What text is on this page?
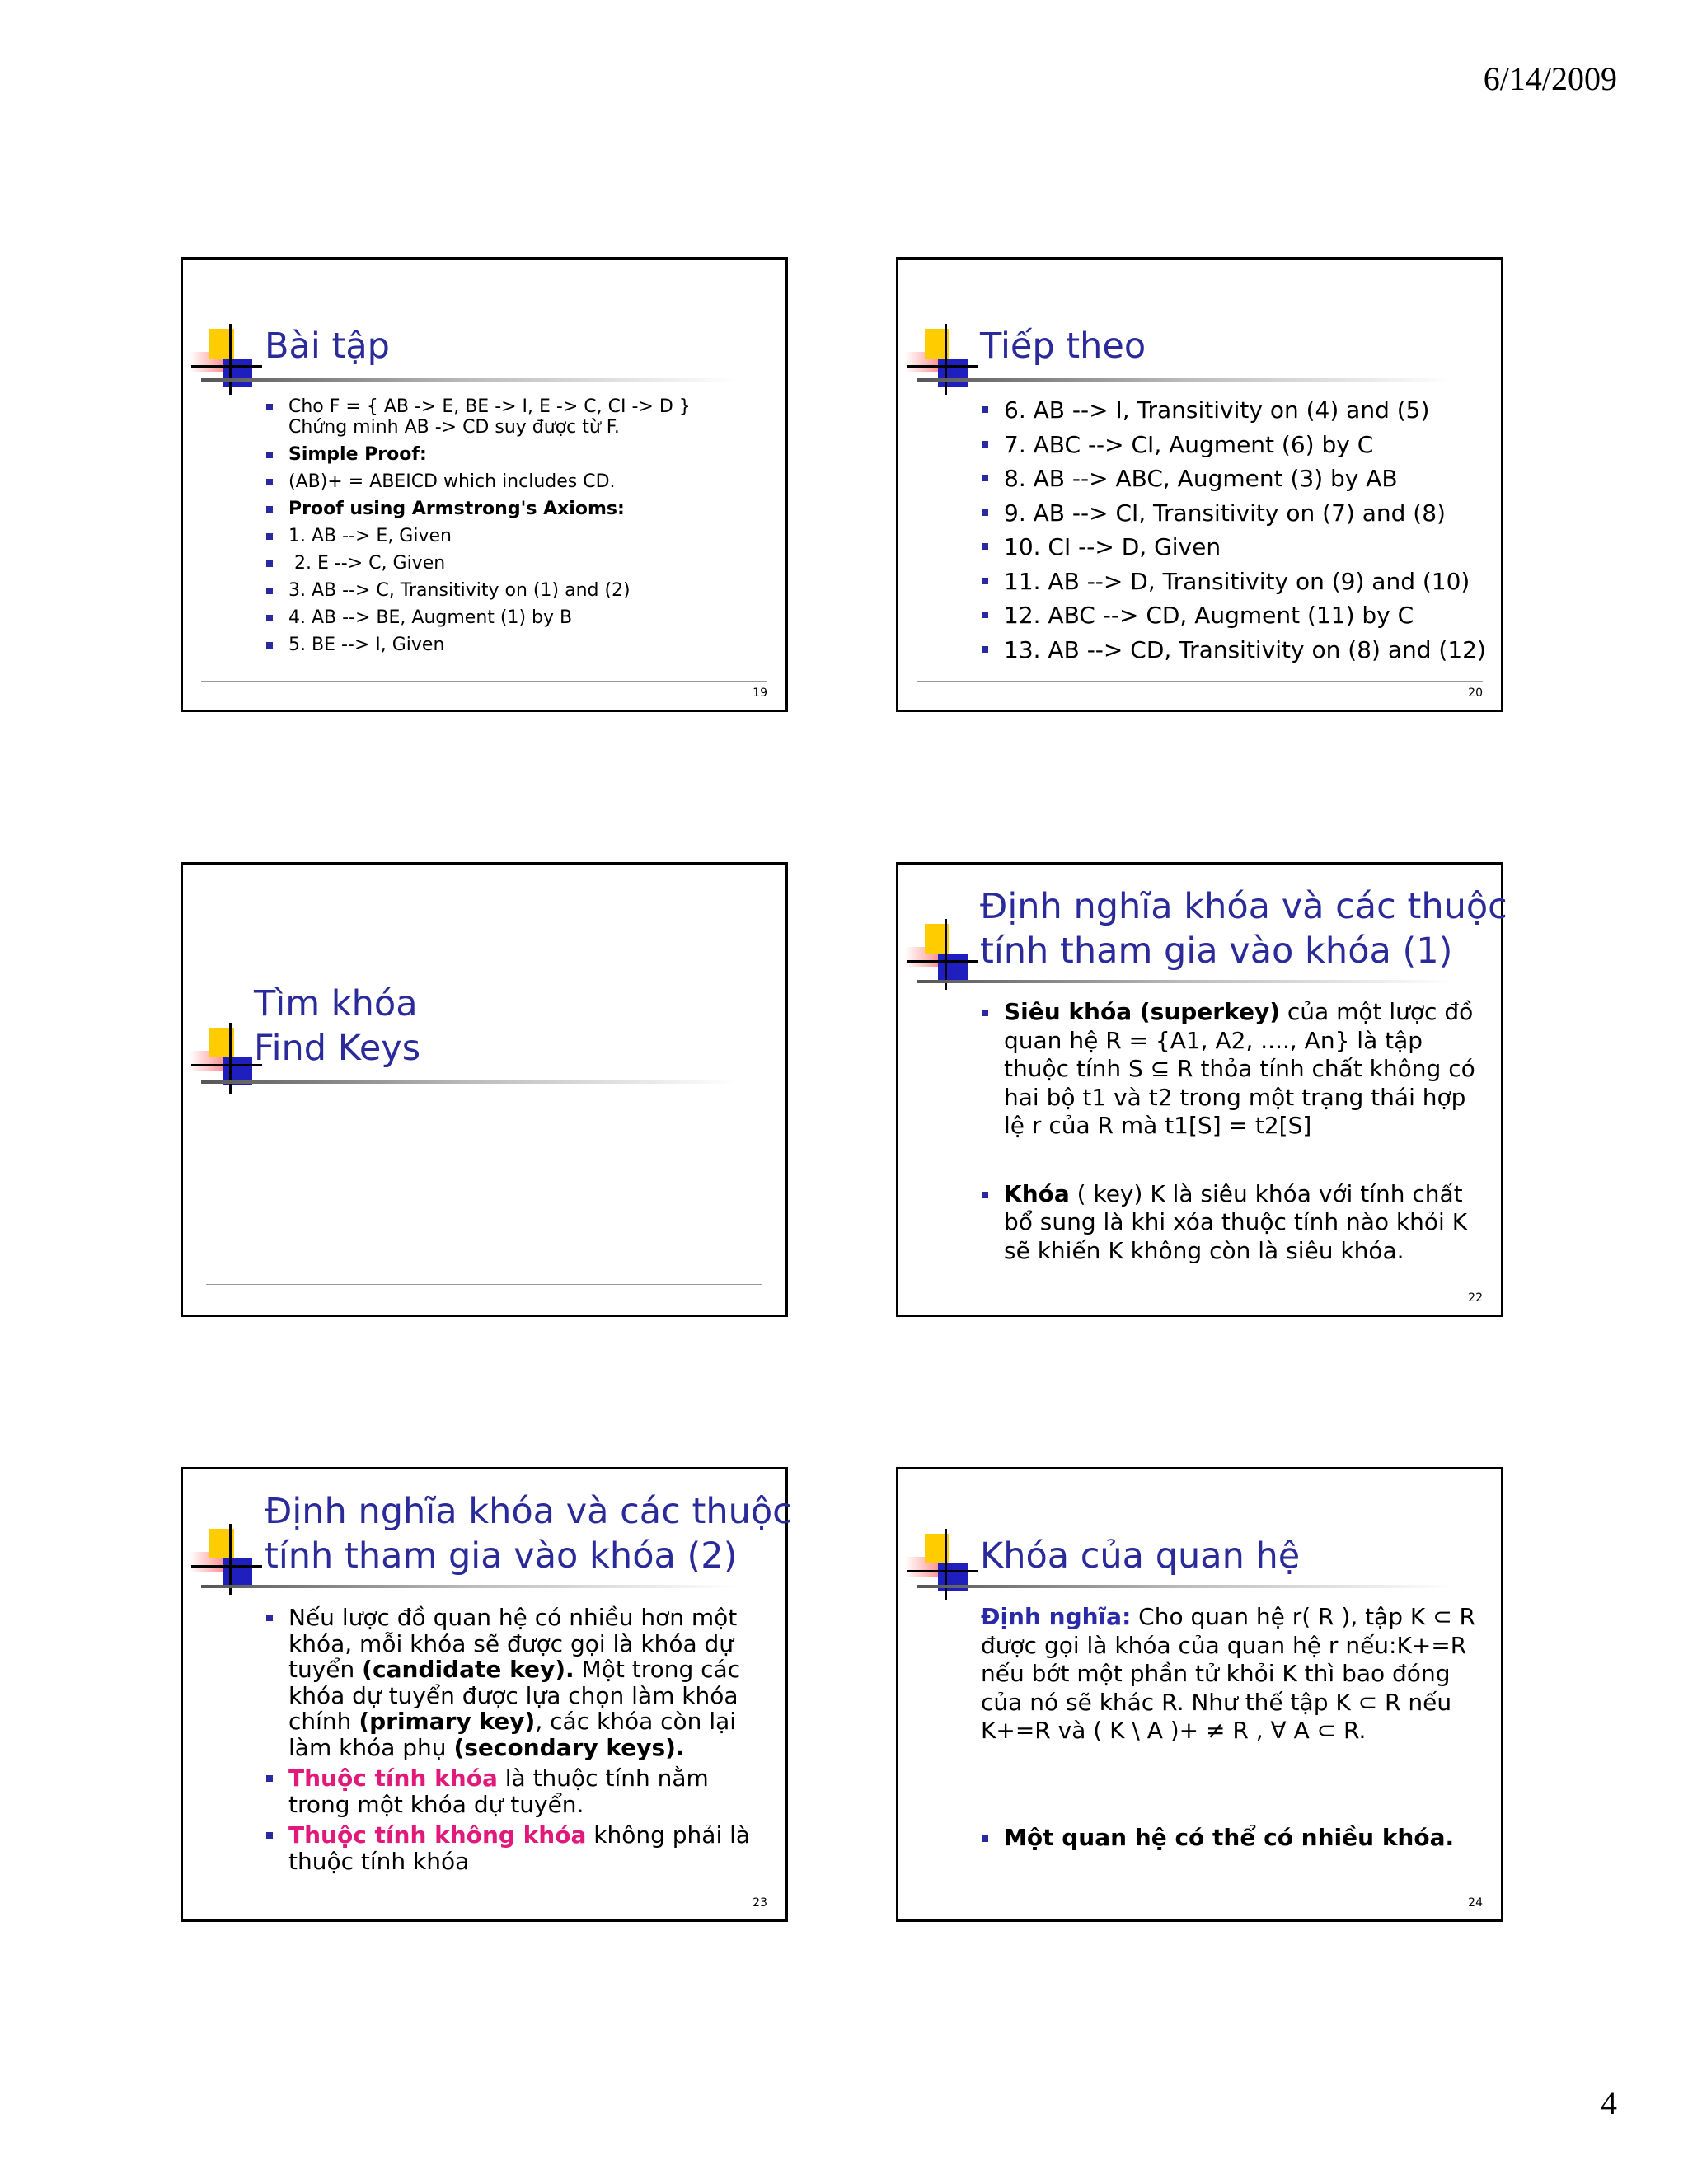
6/14/2009
Bài tập
Cho F = { AB -> E, BE -> I, E -> C, CI -> D }
Chứng minh AB -> CD suy được từ F.
Simple Proof:
(AB)+ = ABEICD which includes CD.
Proof using Armstrong's Axioms:
1. AB --> E, Given
2. E --> C, Given
3. AB --> C, Transitivity on (1) and (2)
4. AB --> BE, Augment (1) by B
5. BE --> I, Given
19
Tiếp theo
6. AB --> I, Transitivity on (4) and (5)
7. ABC --> CI, Augment (6) by C
8. AB --> ABC, Augment (3) by AB
9. AB --> CI, Transitivity on (7) and (8)
10. CI --> D, Given
11. AB --> D, Transitivity on (9) and (10)
12. ABC --> CD, Augment (11) by C
13. AB --> CD, Transitivity on (8) and (12)
20
Tìm khóa
Find Keys
Định nghĩa khóa và các thuộc
tính tham gia vào khóa (1)
Siêu khóa (superkey) của một lược đồ quan hệ R = {A1, A2, ...., An} là tập thuộc tính S ⊆ R thỏa tính chất không có hai bộ t1 và t2 trong một trạng thái hợp lệ r của R mà t1[S] = t2[S]
Khóa ( key) K là siêu khóa với tính chất bổ sung là khi xóa thuộc tính nào khỏi K sẽ khiến K không còn là siêu khóa.
22
Định nghĩa khóa và các thuộc
tính tham gia vào khóa (2)
Nếu lược đồ quan hệ có nhiều hơn một khóa, mỗi khóa sẽ được gọi là khóa dự tuyển (candidate key). Một trong các khóa dự tuyển được lựa chọn làm khóa chính (primary key), các khóa còn lại làm khóa phụ (secondary keys).
Thuộc tính khóa là thuộc tính nằm trong một khóa dự tuyển.
Thuộc tính không khóa không phải là thuộc tính khóa
23
Khóa của quan hệ
Định nghĩa: Cho quan hệ r( R ), tập K ⊂ R được gọi là khóa của quan hệ r nếu:K+=R nếu bớt một phần tử khỏi K thì bao đóng của nó sẽ khác R. Như thế tập K ⊂ R nếu K+=R và ( K \ A )+ ≠ R , ∀ A ⊂ R.
Một quan hệ có thể có nhiều khóa.
24
4
